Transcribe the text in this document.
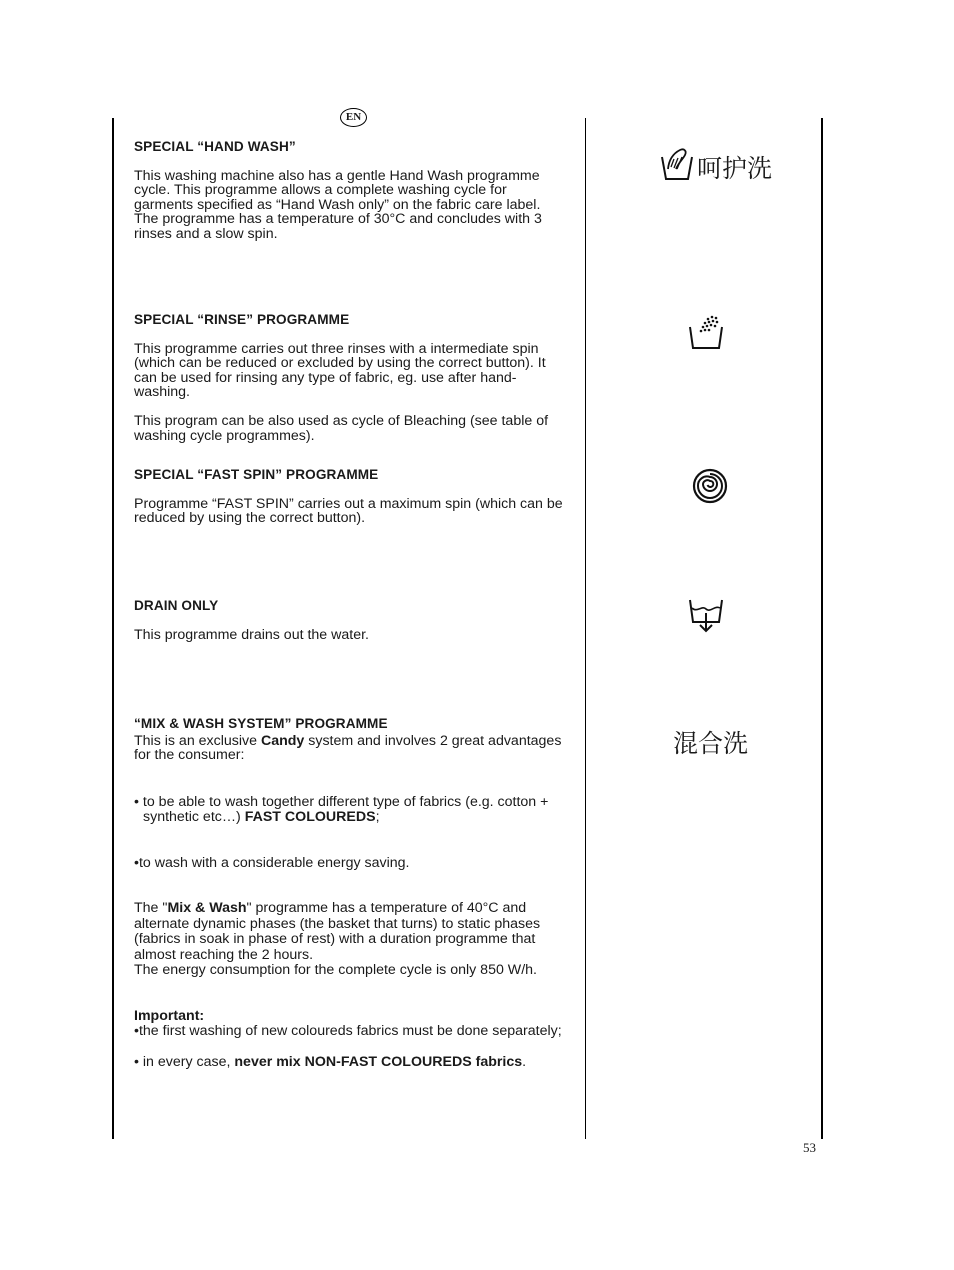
EN

SPECIAL “HAND WASH”

This washing machine also has a gentle Hand Wash programme cycle. This programme allows a complete washing cycle for garments specified as “Hand Wash only” on the fabric care label. The programme has a temperature of 30°C and concludes with 3 rinses and a slow spin.

SPECIAL “RINSE” PROGRAMME

This programme carries out three rinses with a intermediate spin (which can be reduced or excluded by using the correct button). It can be used for rinsing any type of fabric, eg. use after hand-washing.

This program can be also used as cycle of Bleaching (see table of washing cycle programmes).

SPECIAL “FAST SPIN” PROGRAMME

Programme “FAST SPIN” carries out a maximum spin (which can be reduced by using the correct button).

DRAIN ONLY

This programme drains out the water.

“MIX & WASH SYSTEM” PROGRAMME

This is an exclusive Candy system and involves 2 great advantages for the consumer:

• to be able to wash together different type of fabrics (e.g. cotton + synthetic etc…) FAST COLOUREDS;

•to wash with a considerable energy saving.

The "Mix & Wash" programme has a temperature of 40°C and alternate dynamic phases (the basket that turns) to static phases (fabrics in soak in phase of rest) with a duration programme that almost reaching the 2 hours.

The energy consumption for the complete cycle is only 850 W/h.

Important:

•the first washing of new coloureds fabrics must be done separately;

• in every case, never mix NON-FAST COLOUREDS fabrics.

呵护洗
混合洗
53
